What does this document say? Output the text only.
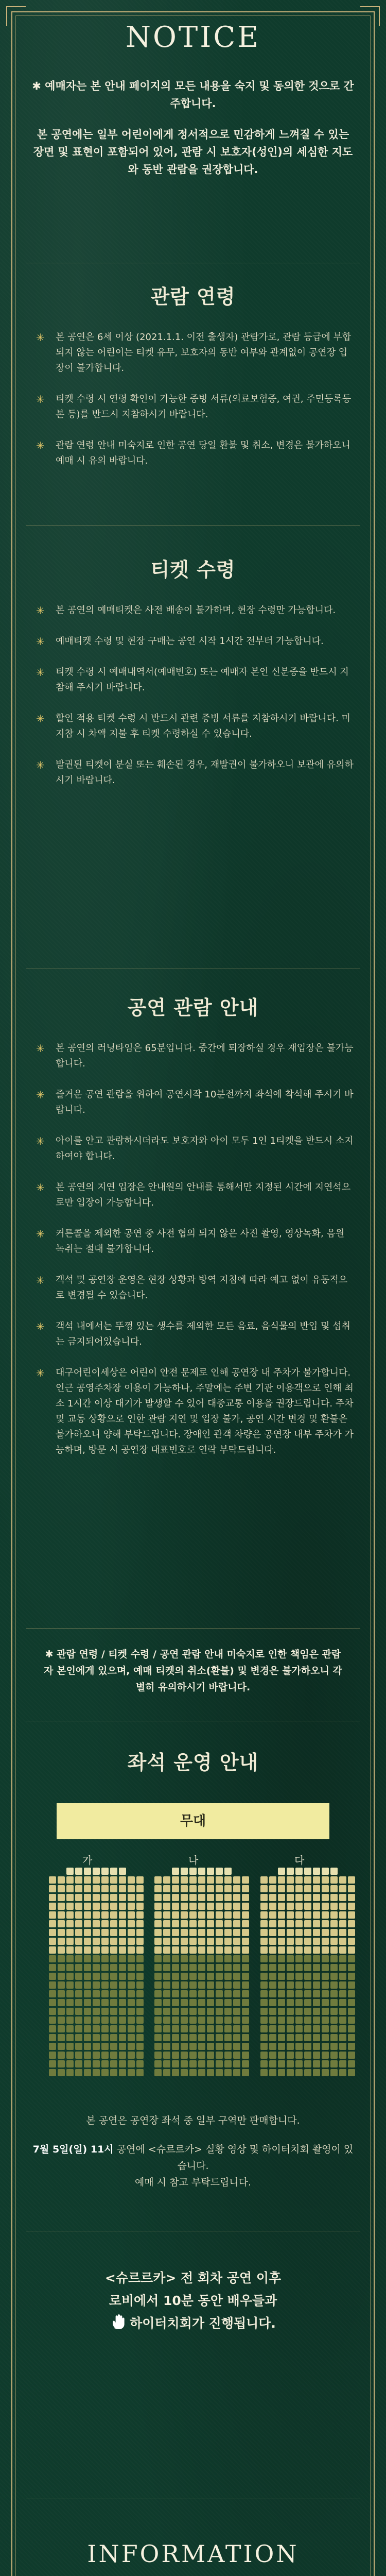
NOTICE

✱ 예매자는 본 안내 페이지의 모든 내용을 숙지 및 동의한 것으로 간주합니다.

본 공연에는 일부 어린이에게 정서적으로 민감하게 느껴질 수 있는 장면 및 표현이 포함되어 있어, 관람 시 보호자(성인)의 세심한 지도와 동반 관람을 권장합니다.

관람 연령
✳ 본 공연은 6세 이상 (2021.1.1. 이전 출생자) 관람가로, 관람 등급에 부합되지 않는 어린이는 티켓 유무, 보호자의 동반 여부와 관계없이 공연장 입장이 불가합니다.
✳ 티켓 수령 시 연령 확인이 가능한 증빙 서류(의료보험증, 여권, 주민등록등본 등)를 반드시 지참하시기 바랍니다.
✳ 관람 연령 안내 미숙지로 인한 공연 당일 환불 및 취소, 변경은 불가하오니 예매 시 유의 바랍니다.
티켓 수령
✳ 본 공연의 예매티켓은 사전 배송이 불가하며, 현장 수령만 가능합니다.
✳ 예매티켓 수령 및 현장 구매는 공연 시작 1시간 전부터 가능합니다.
✳ 티켓 수령 시 예매내역서(예매번호) 또는 예매자 본인 신분증을 반드시 지참해 주시기 바랍니다.
✳ 할인 적용 티켓 수령 시 반드시 관련 증빙 서류를 지참하시기 바랍니다. 미지참 시 차액 지불 후 티켓 수령하실 수 있습니다.
✳ 발권된 티켓이 분실 또는 훼손된 경우, 재발권이 불가하오니 보관에 유의하시기 바랍니다.
공연 관람 안내
✳ 본 공연의 러닝타임은 65분입니다. 중간에 퇴장하실 경우 재입장은 불가능합니다.
✳ 즐거운 공연 관람을 위하여 공연시작 10분전까지 좌석에 착석해 주시기 바랍니다.
✳ 아이를 안고 관람하시더라도 보호자와 아이 모두 1인 1티켓을 반드시 소지하여야 합니다.
✳ 본 공연의 지연 입장은 안내원의 안내를 통해서만 지정된 시간에 지연석으로만 입장이 가능합니다.
✳ 커튼콜을 제외한 공연 중 사전 협의 되지 않은 사진 촬영, 영상녹화, 음원 녹취는 절대 불가합니다.
✳ 객석 및 공연장 운영은 현장 상황과 방역 지침에 따라 예고 없이 유동적으로 변경될 수 있습니다.
✳ 객석 내에서는 뚜껑 있는 생수를 제외한 모든 음료, 음식물의 반입 및 섭취는 금지되어있습니다.
✳ 대구어린이세상은 어린이 안전 문제로 인해 공연장 내 주차가 불가합니다. 인근 공영주차장 이용이 가능하나, 주말에는 주변 기관 이용객으로 인해 최소 1시간 이상 대기가 발생할 수 있어 대중교통 이용을 권장드립니다. 주차 및 교통 상황으로 인한 관람 지연 및 입장 불가, 공연 시간 변경 및 환불은 불가하오니 양해 부탁드립니다. 장애인 관객 차량은 공연장 내부 주차가 가능하며, 방문 시 공연장 대표번호로 연락 부탁드립니다.
✱ 관람 연령 / 티켓 수령 / 공연 관람 안내 미숙지로 인한 책임은 관람자 본인에게 있으며, 예매 티켓의 취소(환불) 및 변경은 불가하오니 각별히 유의하시기 바랍니다.
좌석 운영 안내
무대
가	나	다
본 공연은 공연장 좌석 중 일부 구역만 판매합니다.
7월 5일(일) 11시 공연에 <슈르르카> 실황 영상 및 하이터치회 촬영이 있습니다.
예매 시 참고 부탁드립니다.
<슈르르카> 전 회차 공연 이후
로비에서 10분 동안 배우들과
하이터치회가 진행됩니다.
INFORMATION
